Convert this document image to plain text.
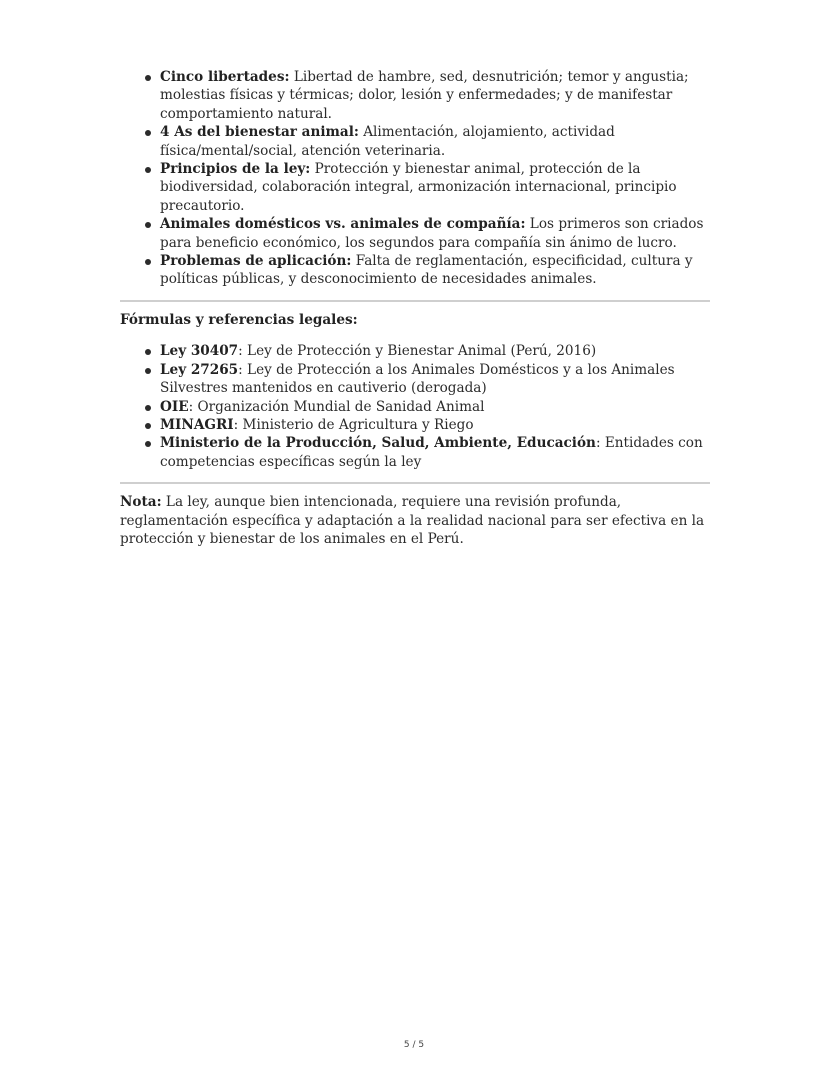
Cinco libertades: Libertad de hambre, sed, desnutrición; temor y angustia; molestias físicas y térmicas; dolor, lesión y enfermedades; y de manifestar comportamiento natural.
4 As del bienestar animal: Alimentación, alojamiento, actividad física/mental/social, atención veterinaria.
Principios de la ley: Protección y bienestar animal, protección de la biodiversidad, colaboración integral, armonización internacional, principio precautorio.
Animales domésticos vs. animales de compañía: Los primeros son criados para beneficio económico, los segundos para compañía sin ánimo de lucro.
Problemas de aplicación: Falta de reglamentación, especificidad, cultura y políticas públicas, y desconocimiento de necesidades animales.

Fórmulas y referencias legales:

Ley 30407: Ley de Protección y Bienestar Animal (Perú, 2016)
Ley 27265: Ley de Protección a los Animales Domésticos y a los Animales Silvestres mantenidos en cautiverio (derogada)
OIE: Organización Mundial de Sanidad Animal
MINAGRI: Ministerio de Agricultura y Riego
Ministerio de la Producción, Salud, Ambiente, Educación: Entidades con competencias específicas según la ley

Nota: La ley, aunque bien intencionada, requiere una revisión profunda, reglamentación específica y adaptación a la realidad nacional para ser efectiva en la protección y bienestar de los animales en el Perú.

5 / 5
